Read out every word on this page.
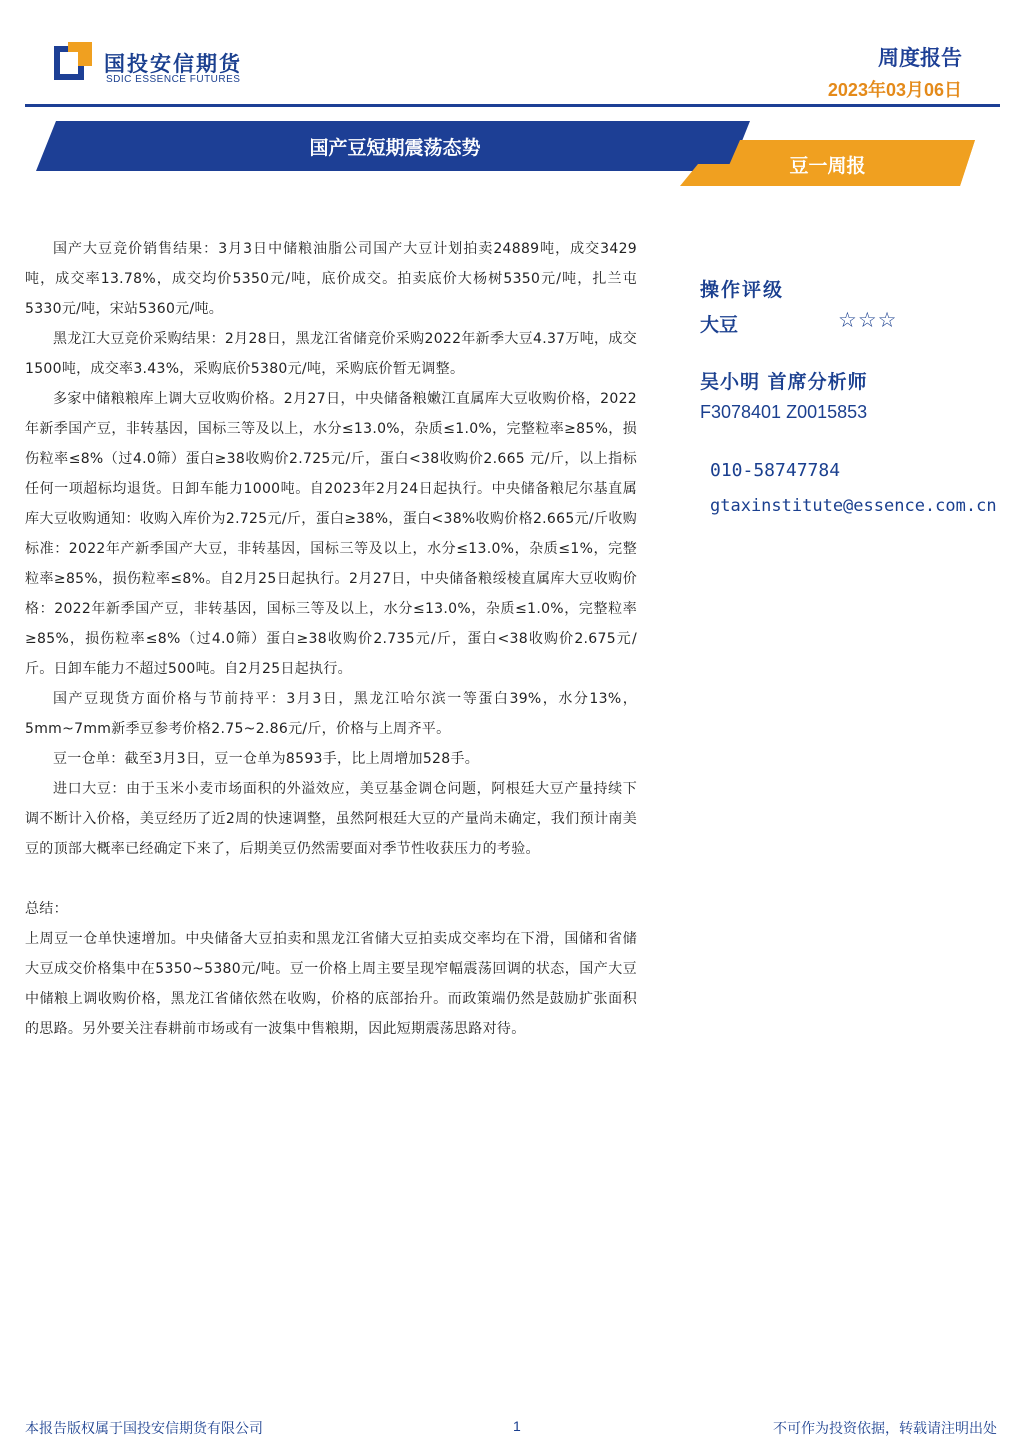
国投安信期货
SDIC ESSENCE FUTURES
周度报告
2023年03月06日
国产豆短期震荡态势
豆一周报

国产大豆竞价销售结果：3月3日中储粮油脂公司国产大豆计划拍卖24889吨，成交3429吨，成交率13.78%，成交均价5350元/吨，底价成交。拍卖底价大杨树5350元/吨，扎兰屯5330元/吨，宋站5360元/吨。

黑龙江大豆竞价采购结果：2月28日，黑龙江省储竞价采购2022年新季大豆4.37万吨，成交1500吨，成交率3.43%，采购底价5380元/吨，采购底价暂无调整。

多家中储粮粮库上调大豆收购价格。2月27日，中央储备粮嫩江直属库大豆收购价格，2022年新季国产豆，非转基因，国标三等及以上，水分≤13.0%，杂质≤1.0%，完整粒率≥85%，损伤粒率≤8%（过4.0筛）蛋白≥38收购价2.725元/斤，蛋白<38收购价2.665 元/斤，以上指标任何一项超标均退货。日卸车能力1000吨。自2023年2月24日起执行。中央储备粮尼尔基直属库大豆收购通知：收购入库价为2.725元/斤，蛋白≥38%，蛋白<38%收购价格2.665元/斤收购标准：2022年产新季国产大豆，非转基因，国标三等及以上，水分≤13.0%，杂质≤1%，完整粒率≥85%，损伤粒率≤8%。自2月25日起执行。2月27日，中央储备粮绥棱直属库大豆收购价格：2022年新季国产豆，非转基因，国标三等及以上，水分≤13.0%，杂质≤1.0%，完整粒率≥85%，损伤粒率≤8%（过4.0筛）蛋白≥38收购价2.735元/斤，蛋白<38收购价2.675元/斤。日卸车能力不超过500吨。自2月25日起执行。

国产豆现货方面价格与节前持平：3月3日，黑龙江哈尔滨一等蛋白39%，水分13%，5mm~7mm新季豆参考价格2.75~2.86元/斤，价格与上周齐平。

豆一仓单：截至3月3日，豆一仓单为8593手，比上周增加528手。

进口大豆：由于玉米小麦市场面积的外溢效应，美豆基金调仓问题，阿根廷大豆产量持续下调不断计入价格，美豆经历了近2周的快速调整，虽然阿根廷大豆的产量尚未确定，我们预计南美豆的顶部大概率已经确定下来了，后期美豆仍然需要面对季节性收获压力的考验。

总结：

上周豆一仓单快速增加。中央储备大豆拍卖和黑龙江省储大豆拍卖成交率均在下滑，国储和省储大豆成交价格集中在5350~5380元/吨。豆一价格上周主要呈现窄幅震荡回调的状态，国产大豆中储粮上调收购价格，黑龙江省储依然在收购，价格的底部抬升。而政策端仍然是鼓励扩张面积的思路。另外要关注春耕前市场或有一波集中售粮期，因此短期震荡思路对待。

操作评级
大豆	☆☆☆
吴小明 首席分析师
F3078401 Z0015853
010-58747784
gtaxinstitute@essence.com.cn
本报告版权属于国投安信期货有限公司	1	不可作为投资依据，转载请注明出处
